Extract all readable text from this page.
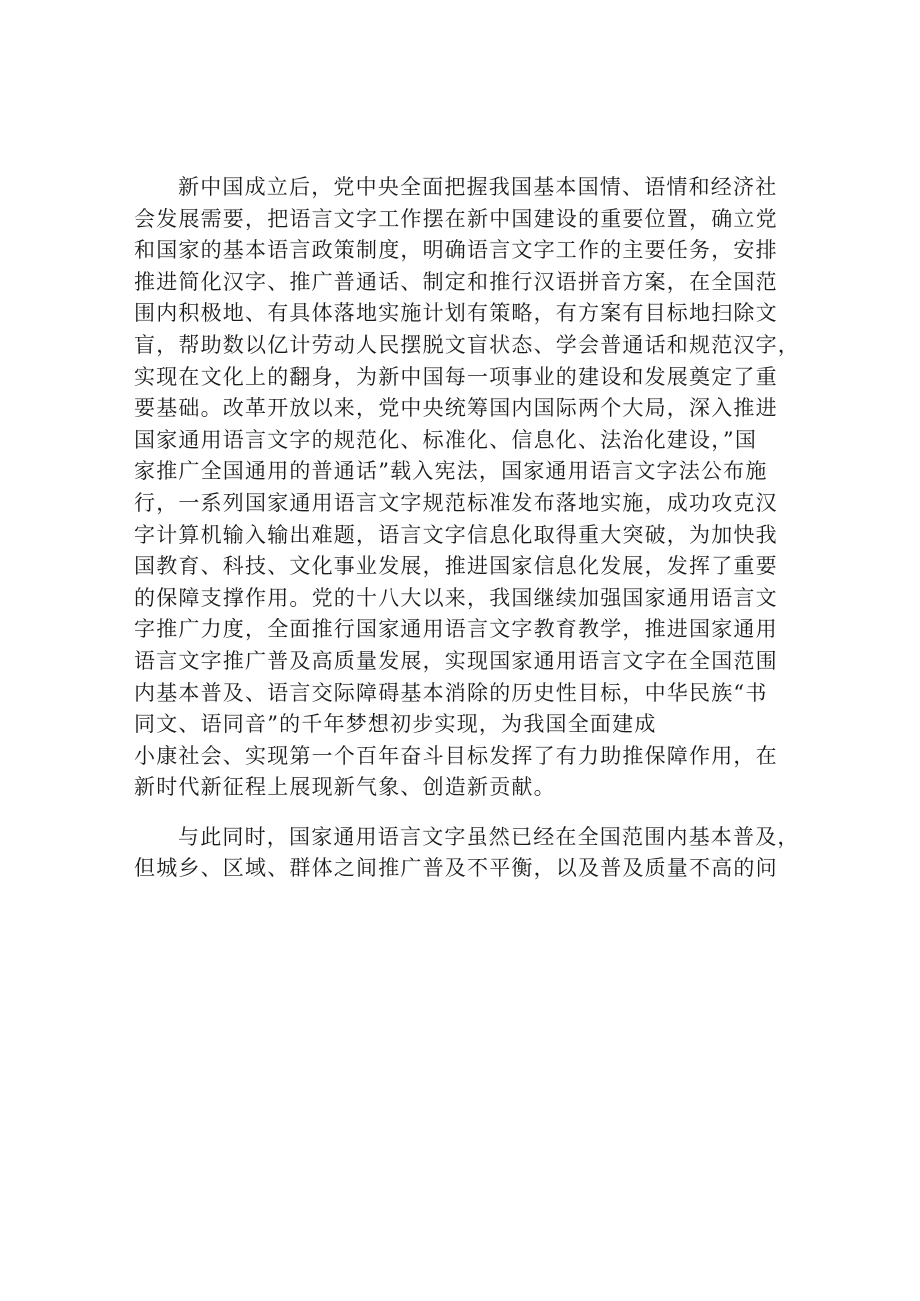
新中国成立后，党中央全面把握我国基本国情、语情和经济社
会发展需要，把语言文字工作摆在新中国建设的重要位置，确立党
和国家的基本语言政策制度，明确语言文字工作的主要任务，安排
推进简化汉字、推广普通话、制定和推行汉语拼音方案，在全国范
围内积极地、有具体落地实施计划有策略，有方案有目标地扫除文
盲，帮助数以亿计劳动人民摆脱文盲状态、学会普通话和规范汉字，
实现在文化上的翻身，为新中国每一项事业的建设和发展奠定了重
要基础。改革开放以来，党中央统筹国内国际两个大局，深入推进
国家通用语言文字的规范化、标准化、信息化、法治化建设，”国
家推广全国通用的普通话”载入宪法，国家通用语言文字法公布施
行，一系列国家通用语言文字规范标准发布落地实施，成功攻克汉
字计算机输入输出难题，语言文字信息化取得重大突破，为加快我
国教育、科技、文化事业发展，推进国家信息化发展，发挥了重要
的保障支撑作用。党的十八大以来，我国继续加强国家通用语言文
字推广力度，全面推行国家通用语言文字教育教学，推进国家通用
语言文字推广普及高质量发展，实现国家通用语言文字在全国范围
内基本普及、语言交际障碍基本消除的历史性目标，中华民族“书
同文、语同音”的千年梦想初步实现，为我国全面建成
小康社会、实现第一个百年奋斗目标发挥了有力助推保障作用，在
新时代新征程上展现新气象、创造新贡献。
与此同时，国家通用语言文字虽然已经在全国范围内基本普及，
但城乡、区域、群体之间推广普及不平衡，以及普及质量不高的问
